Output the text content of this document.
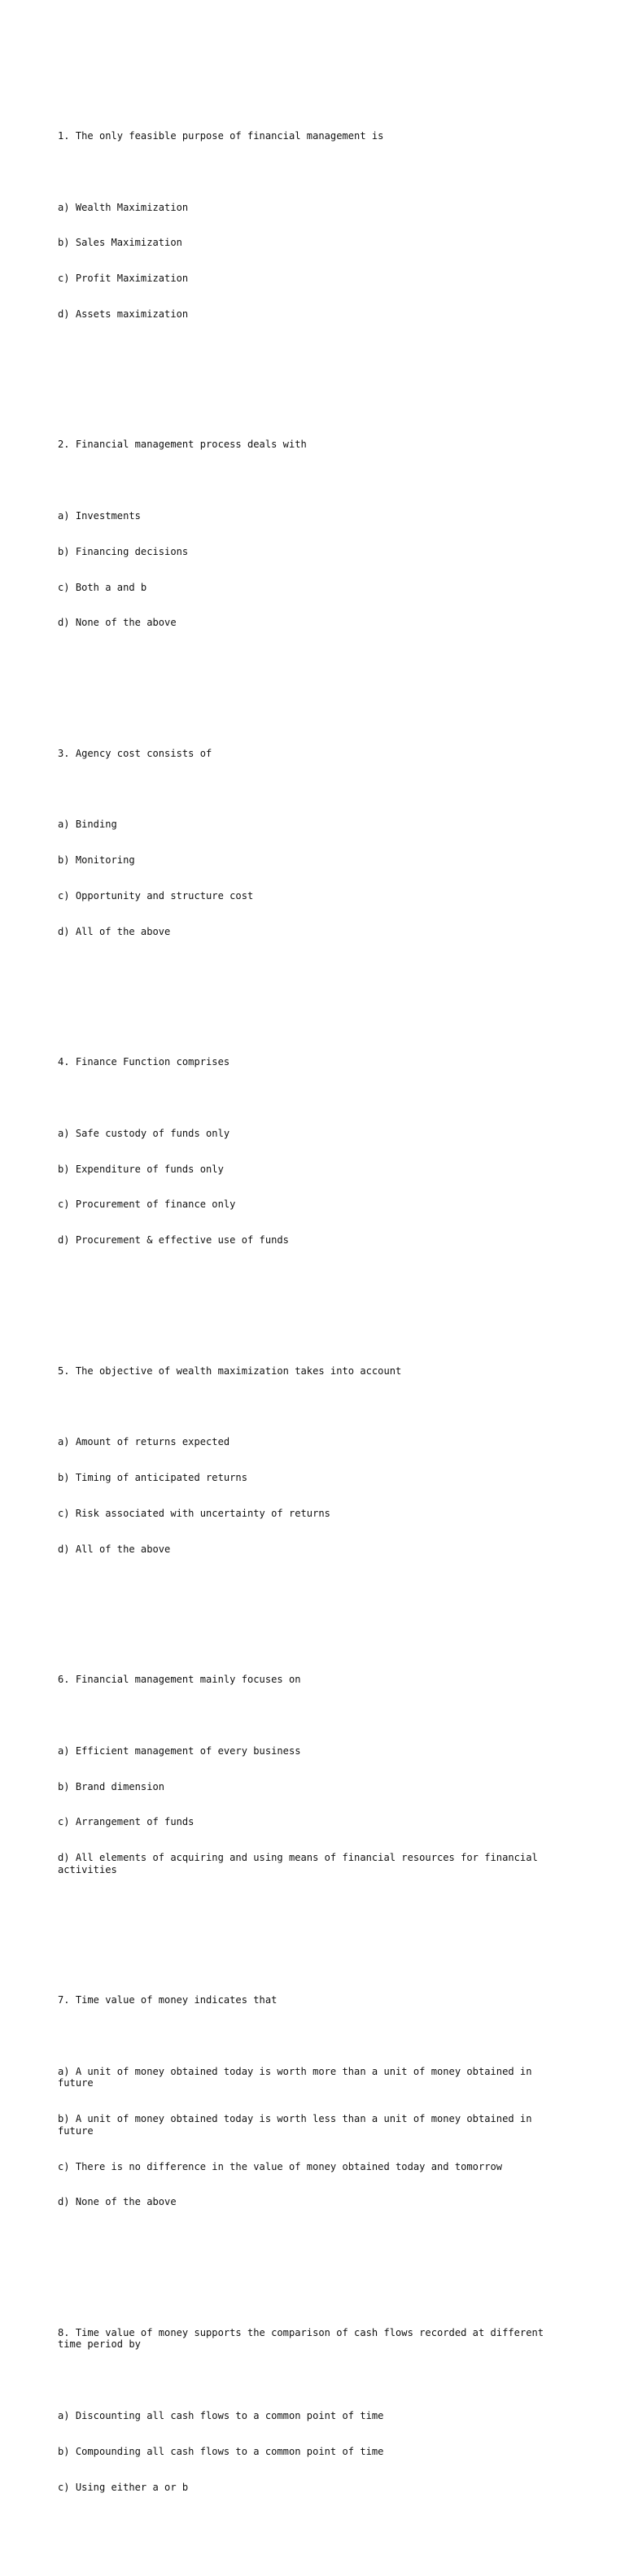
1. The only feasible purpose of financial management is

a) Wealth Maximization

b) Sales Maximization

c) Profit Maximization

d) Assets maximization

2. Financial management process deals with

a) Investments

b) Financing decisions

c) Both a and b

d) None of the above

3. Agency cost consists of

a) Binding

b) Monitoring

c) Opportunity and structure cost

d) All of the above

4. Finance Function comprises

a) Safe custody of funds only

b) Expenditure of funds only

c) Procurement of finance only

d) Procurement & effective use of funds

5. The objective of wealth maximization takes into account

a) Amount of returns expected

b) Timing of anticipated returns

c) Risk associated with uncertainty of returns

d) All of the above

6. Financial management mainly focuses on

a) Efficient management of every business

b) Brand dimension

c) Arrangement of funds

d) All elements of acquiring and using means of financial resources for financial activities

7. Time value of money indicates that

a) A unit of money obtained today is worth more than a unit of money obtained in future

b) A unit of money obtained today is worth less than a unit of money obtained in future

c) There is no difference in the value of money obtained today and tomorrow

d) None of the above

8. Time value of money supports the comparison of cash flows recorded at different time period by

a) Discounting all cash flows to a common point of time

b) Compounding all cash flows to a common point of time

c) Using either a or b
